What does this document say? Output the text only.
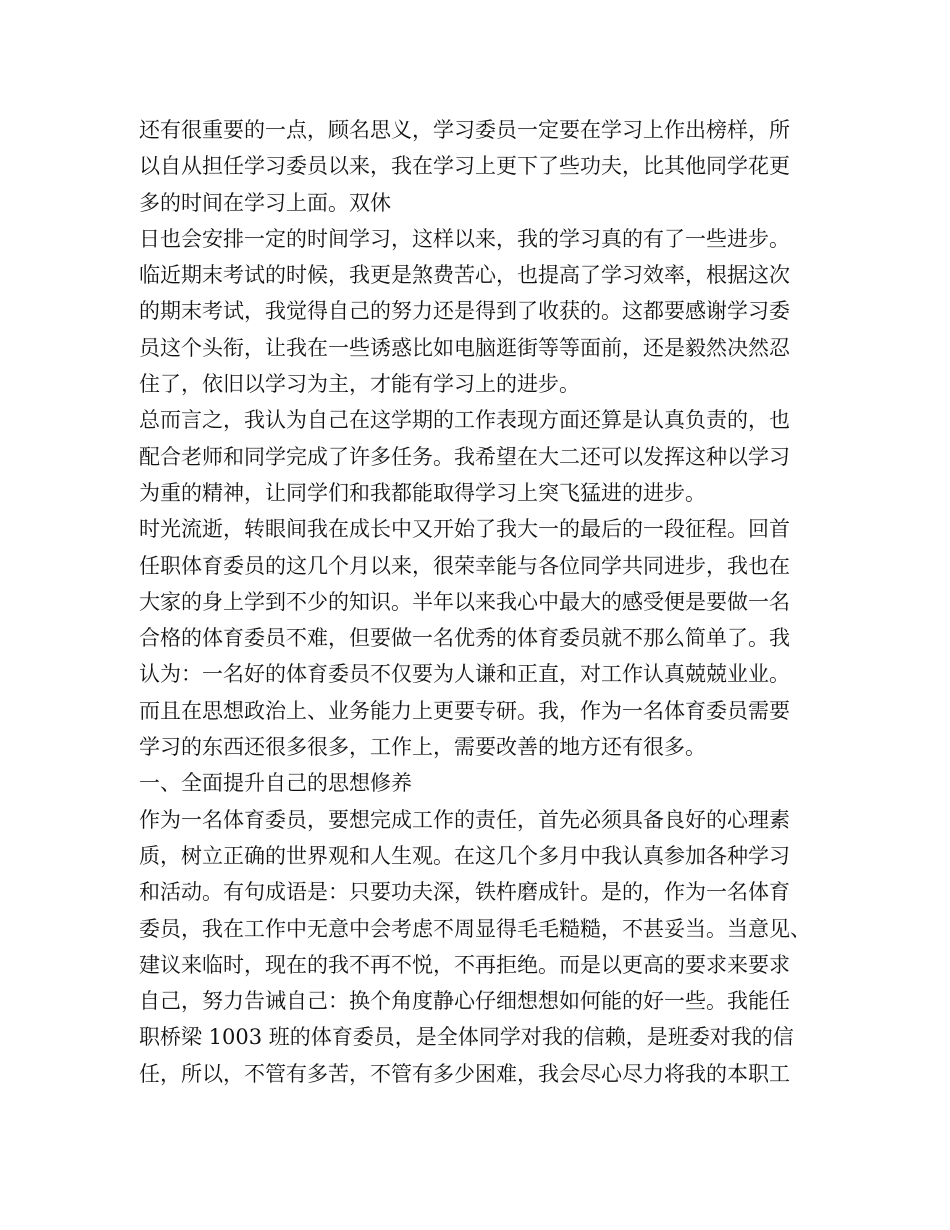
还有很重要的一点，顾名思义，学习委员一定要在学习上作出榜样，所
以自从担任学习委员以来，我在学习上更下了些功夫，比其他同学花更
多的时间在学习上面。双休
日也会安排一定的时间学习，这样以来，我的学习真的有了一些进步。
临近期末考试的时候，我更是煞费苦心，也提高了学习效率，根据这次
的期末考试，我觉得自己的努力还是得到了收获的。这都要感谢学习委
员这个头衔，让我在一些诱惑比如电脑逛街等等面前，还是毅然决然忍
住了，依旧以学习为主，才能有学习上的进步。
总而言之，我认为自己在这学期的工作表现方面还算是认真负责的，也
配合老师和同学完成了许多任务。我希望在大二还可以发挥这种以学习
为重的精神，让同学们和我都能取得学习上突飞猛进的进步。
时光流逝，转眼间我在成长中又开始了我大一的最后的一段征程。回首
任职体育委员的这几个月以来，很荣幸能与各位同学共同进步，我也在
大家的身上学到不少的知识。半年以来我心中最大的感受便是要做一名
合格的体育委员不难，但要做一名优秀的体育委员就不那么简单了。我
认为：一名好的体育委员不仅要为人谦和正直，对工作认真兢兢业业。
而且在思想政治上、业务能力上更要专研。我，作为一名体育委员需要
学习的东西还很多很多，工作上，需要改善的地方还有很多。
一、全面提升自己的思想修养
作为一名体育委员，要想完成工作的责任，首先必须具备良好的心理素
质，树立正确的世界观和人生观。在这几个多月中我认真参加各种学习
和活动。有句成语是：只要功夫深，铁杵磨成针。是的，作为一名体育
委员，我在工作中无意中会考虑不周显得毛毛糙糙，不甚妥当。当意见、
建议来临时，现在的我不再不悦，不再拒绝。而是以更高的要求来要求
自己，努力告诫自己：换个角度静心仔细想想如何能的好一些。我能任
职桥梁 1003 班的体育委员，是全体同学对我的信赖，是班委对我的信
任，所以，不管有多苦，不管有多少困难，我会尽心尽力将我的本职工
